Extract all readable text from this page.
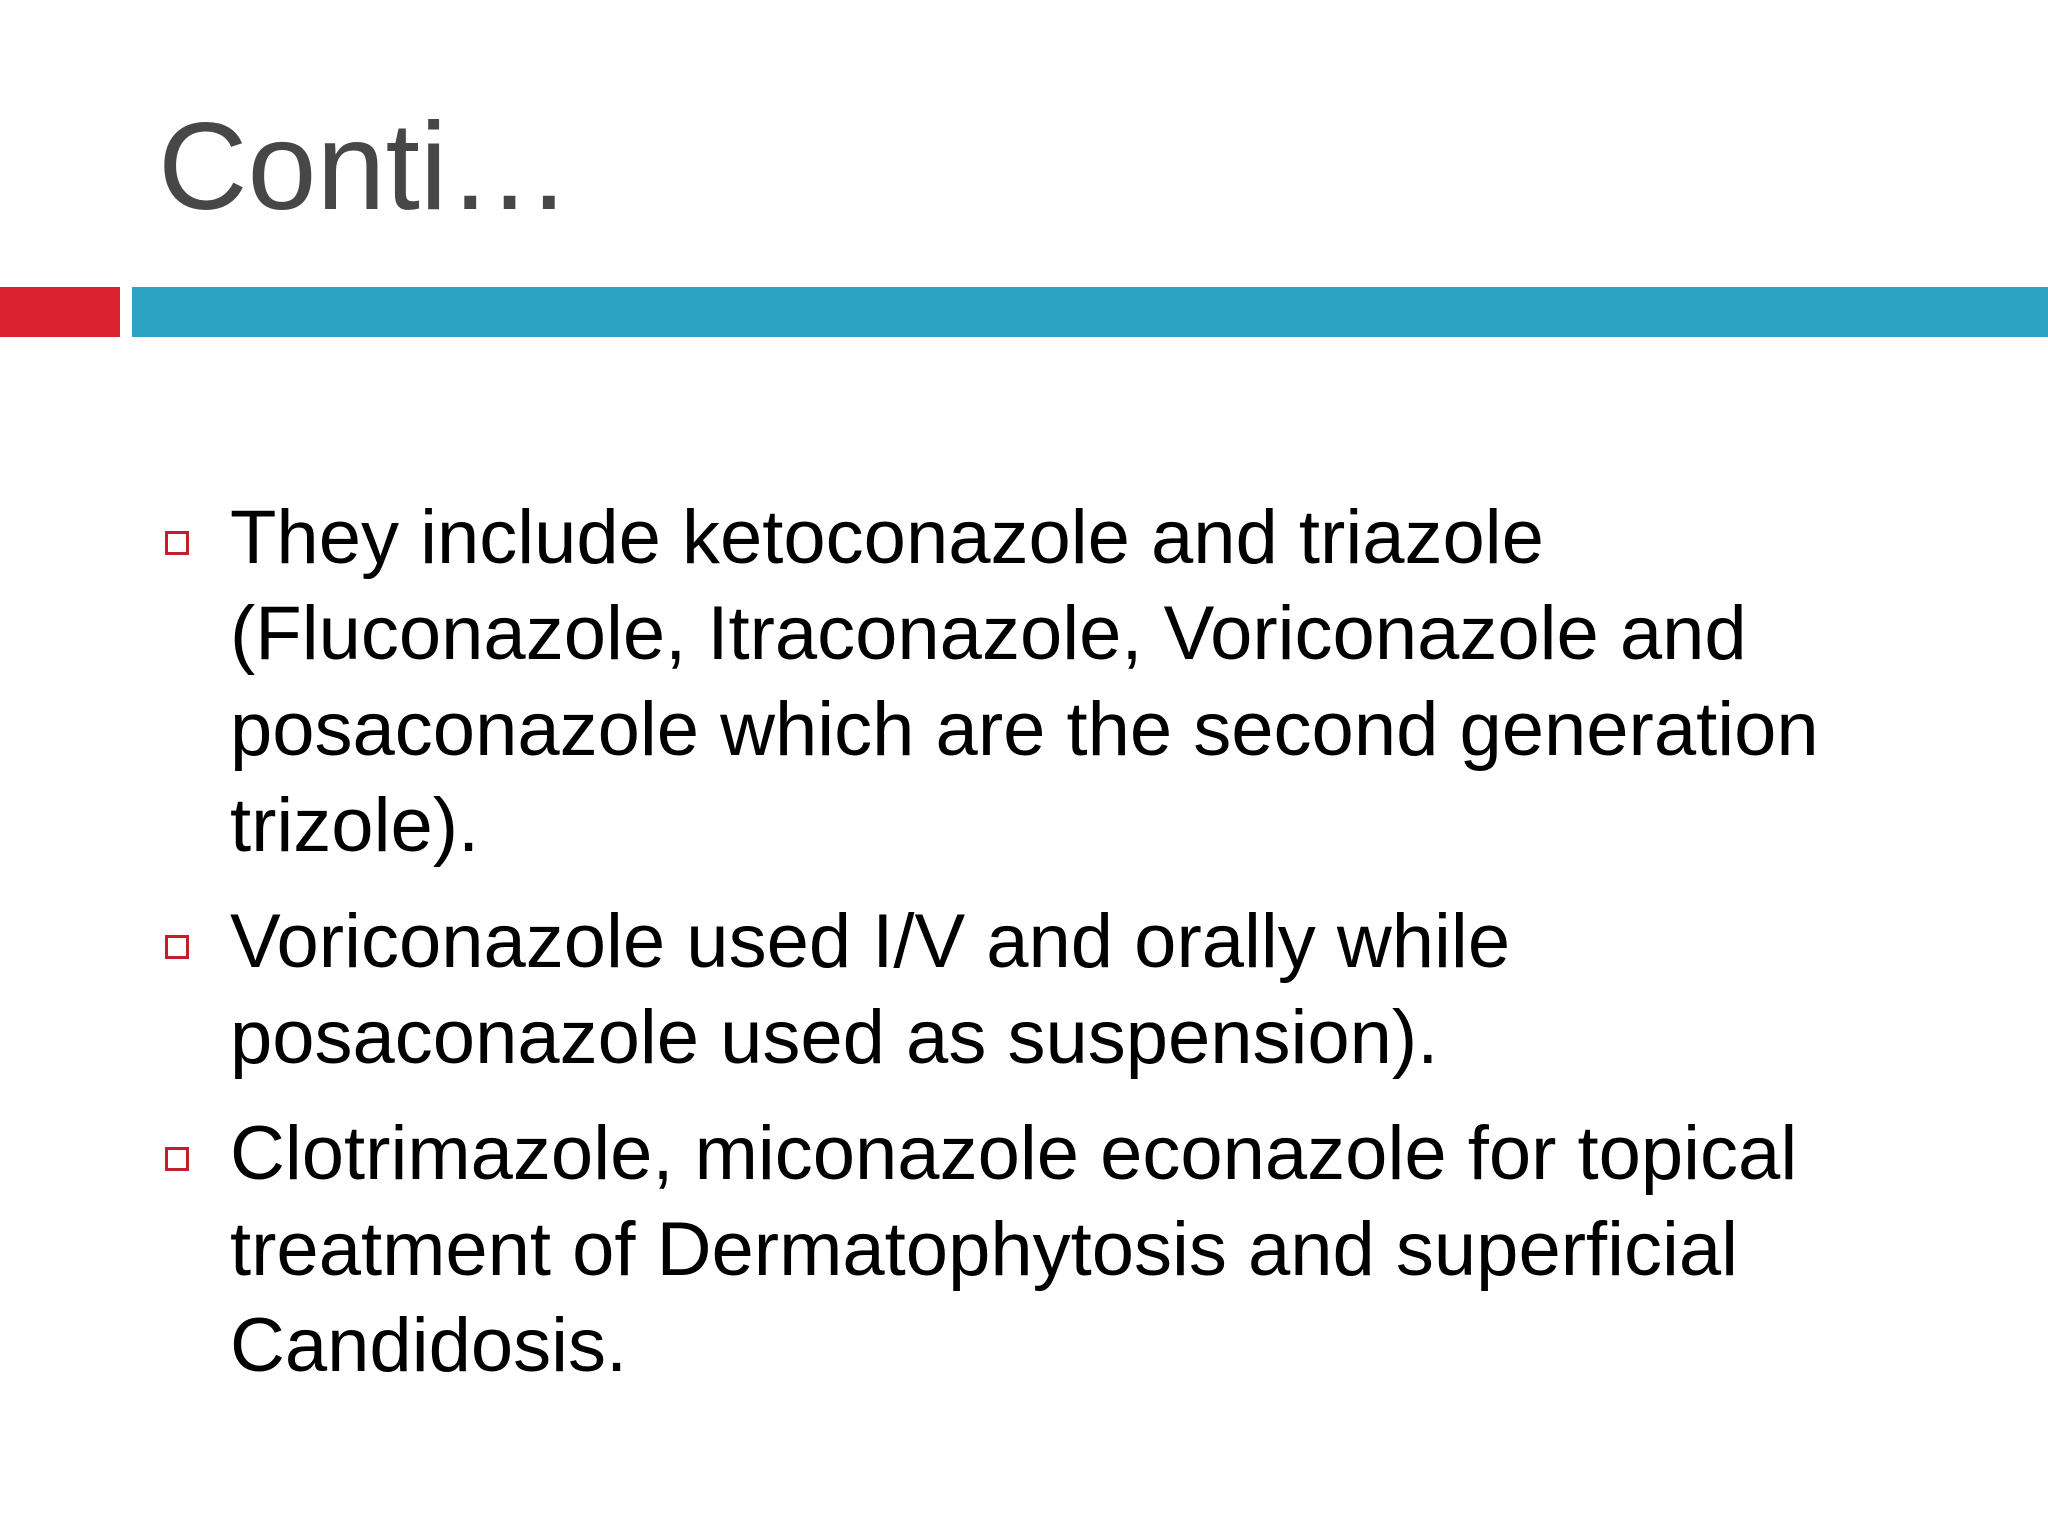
Conti…
They include ketoconazole and triazole (Fluconazole, Itraconazole, Voriconazole and posaconazole which are the second generation trizole).
Voriconazole used I/V and orally while posaconazole used as suspension).
Clotrimazole, miconazole econazole for topical treatment of Dermatophytosis and superficial Candidosis.
